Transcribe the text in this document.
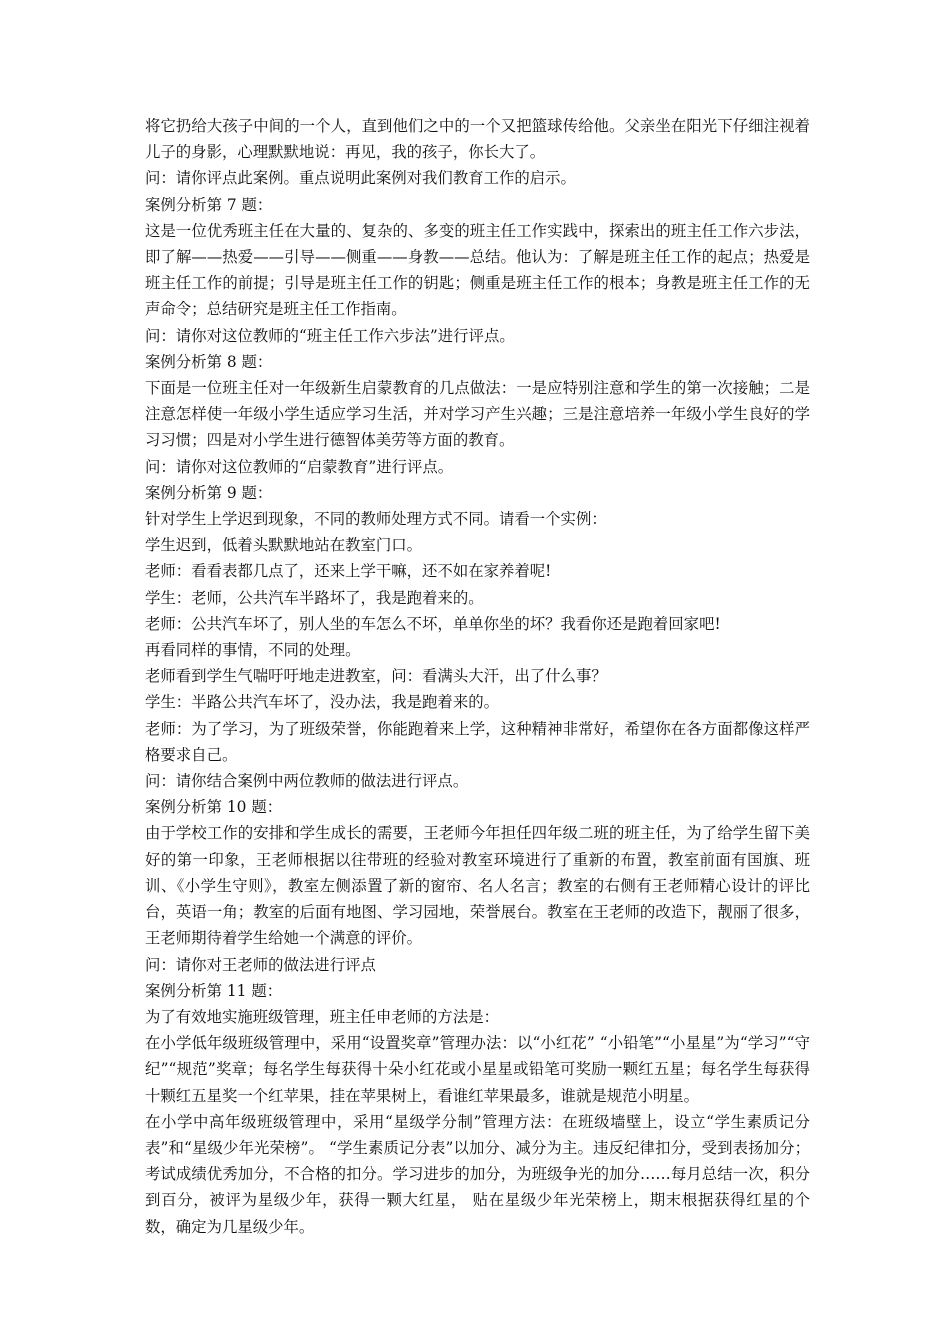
将它扔给大孩子中间的一个人，直到他们之中的一个又把篮球传给他。父亲坐在阳光下仔细注视着儿子的身影，心理默默地说：再见，我的孩子，你长大了。

问：请你评点此案例。重点说明此案例对我们教育工作的启示。

案例分析第 7 题：

这是一位优秀班主任在大量的、复杂的、多变的班主任工作实践中，探索出的班主任工作六步法，即了解——热爱——引导——侧重——身教——总结。他认为：了解是班主任工作的起点；热爱是班主任工作的前提；引导是班主任工作的钥匙；侧重是班主任工作的根本；身教是班主任工作的无声命令；总结研究是班主任工作指南。

问：请你对这位教师的“班主任工作六步法”进行评点。

案例分析第 8 题：

下面是一位班主任对一年级新生启蒙教育的几点做法：一是应特别注意和学生的第一次接触；二是注意怎样使一年级小学生适应学习生活，并对学习产生兴趣；三是注意培养一年级小学生良好的学习习惯；四是对小学生进行德智体美劳等方面的教育。

问：请你对这位教师的“启蒙教育”进行评点。

案例分析第 9 题：

针对学生上学迟到现象，不同的教师处理方式不同。请看一个实例：

学生迟到，低着头默默地站在教室门口。

老师：看看表都几点了，还来上学干嘛，还不如在家养着呢!

学生：老师，公共汽车半路坏了，我是跑着来的。

老师：公共汽车坏了，别人坐的车怎么不坏，单单你坐的坏？我看你还是跑着回家吧!

再看同样的事情，不同的处理。

老师看到学生气喘吁吁地走进教室，问：看满头大汗，出了什么事？

学生：半路公共汽车坏了，没办法，我是跑着来的。

老师：为了学习，为了班级荣誉，你能跑着来上学，这种精神非常好，希望你在各方面都像这样严格要求自己。

问：请你结合案例中两位教师的做法进行评点。

案例分析第 10 题：

由于学校工作的安排和学生成长的需要，王老师今年担任四年级二班的班主任，为了给学生留下美好的第一印象，王老师根据以往带班的经验对教室环境进行了重新的布置，教室前面有国旗、班训、《小学生守则》，教室左侧添置了新的窗帘、名人名言；教室的右侧有王老师精心设计的评比台，英语一角；教室的后面有地图、学习园地，荣誉展台。教室在王老师的改造下，靓丽了很多，王老师期待着学生给她一个满意的评价。

问：请你对王老师的做法进行评点

案例分析第 11 题：

为了有效地实施班级管理，班主任申老师的方法是：

在小学低年级班级管理中，采用“设置奖章”管理办法：以“小红花” “小铅笔”“小星星”为“学习”“守纪”“规范”奖章；每名学生每获得十朵小红花或小星星或铅笔可奖励一颗红五星；每名学生每获得十颗红五星奖一个红苹果，挂在苹果树上，看谁红苹果最多，谁就是规范小明星。

在小学中高年级班级管理中，采用“星级学分制”管理方法：在班级墙壁上，设立“学生素质记分表”和“星级少年光荣榜”。 “学生素质记分表”以加分、减分为主。违反纪律扣分，受到表扬加分；考试成绩优秀加分，不合格的扣分。学习进步的加分，为班级争光的加分……每月总结一次，积分到百分，被评为星级少年，获得一颗大红星， 贴在星级少年光荣榜上，期末根据获得红星的个数，确定为几星级少年。
